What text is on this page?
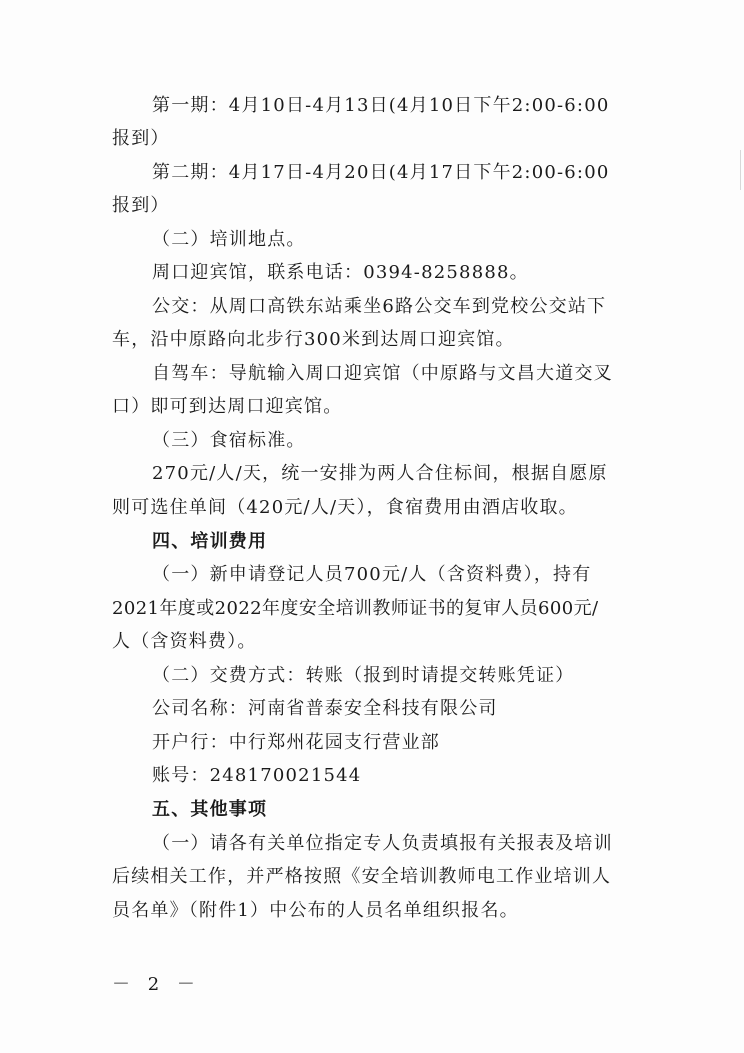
第一期：4月10日-4月13日(4月10日下午2:00-6:00
报到）
第二期：4月17日-4月20日(4月17日下午2:00-6:00
报到）
（二）培训地点。
周口迎宾馆，联系电话：0394-8258888。
公交：从周口高铁东站乘坐6路公交车到党校公交站下
车，沿中原路向北步行300米到达周口迎宾馆。
自驾车：导航输入周口迎宾馆（中原路与文昌大道交叉
口）即可到达周口迎宾馆。
（三）食宿标准。
270元/人/天，统一安排为两人合住标间，根据自愿原
则可选住单间（420元/人/天），食宿费用由酒店收取。
四、培训费用
（一）新申请登记人员700元/人（含资料费），持有
2021年度或2022年度安全培训教师证书的复审人员600元/
人（含资料费）。
（二）交费方式：转账（报到时请提交转账凭证）
公司名称：河南省普泰安全科技有限公司
开户行：中行郑州花园支行营业部
账号：248170021544
五、其他事项
（一）请各有关单位指定专人负责填报有关报表及培训
后续相关工作，并严格按照《安全培训教师电工作业培训人
员名单》（附件1）中公布的人员名单组织报名。
－ 2 －
